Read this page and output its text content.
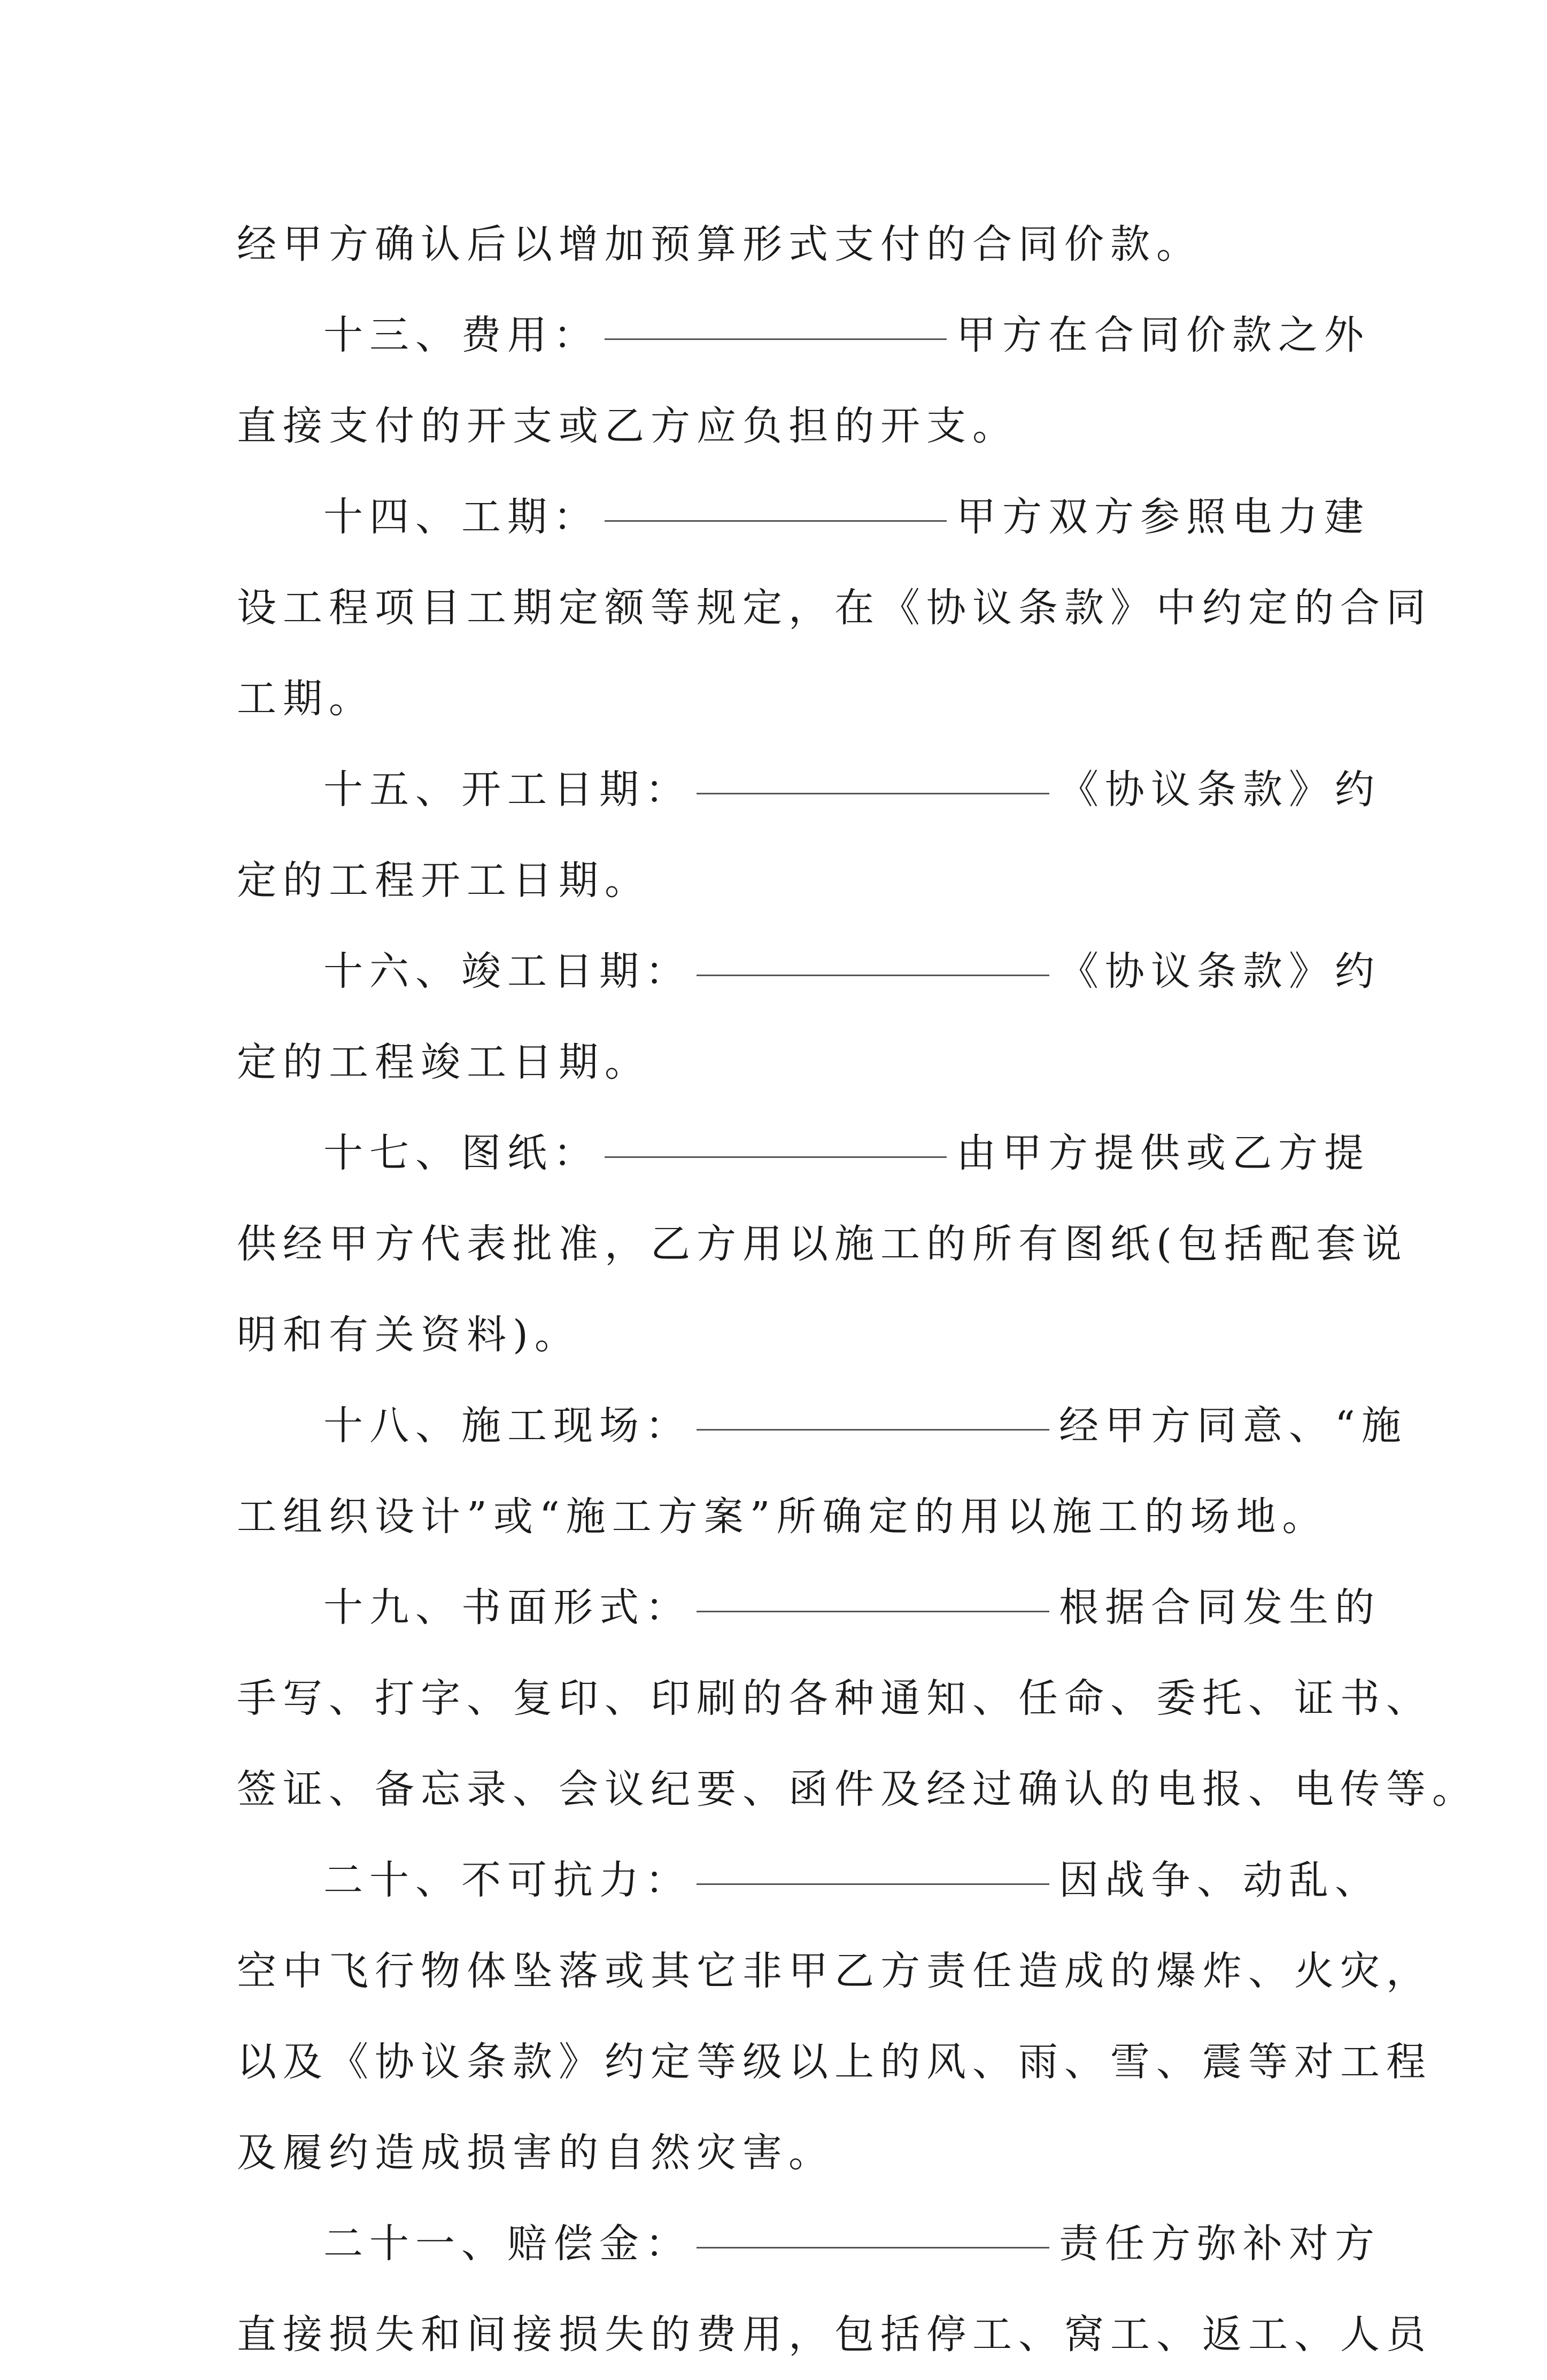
经甲方确认后以增加预算形式支付的合同价款。
十三、费用：	甲方在合同价款之外
直接支付的开支或乙方应负担的开支。
十四、工期：	甲方双方参照电力建
设工程项目工期定额等规定，在《协议条款》中约定的合同
工期。
十五、开工日期：	《协议条款》约
定的工程开工日期。
十六、竣工日期：	《协议条款》约
定的工程竣工日期。
十七、图纸：	由甲方提供或乙方提
供经甲方代表批准，乙方用以施工的所有图纸(包括配套说
明和有关资料)。
十八、施工现场：	经甲方同意、“施
工组织设计”或“施工方案”所确定的用以施工的场地。
十九、书面形式：	根据合同发生的
手写、打字、复印、印刷的各种通知、任命、委托、证书、
签证、备忘录、会议纪要、函件及经过确认的电报、电传等。
二十、不可抗力：	因战争、动乱、
空中飞行物体坠落或其它非甲乙方责任造成的爆炸、火灾，
以及《协议条款》约定等级以上的风、雨、雪、震等对工程
及履约造成损害的自然灾害。
二十一、赔偿金：	责任方弥补对方
直接损失和间接损失的费用，包括停工、窝工、返工、人员
